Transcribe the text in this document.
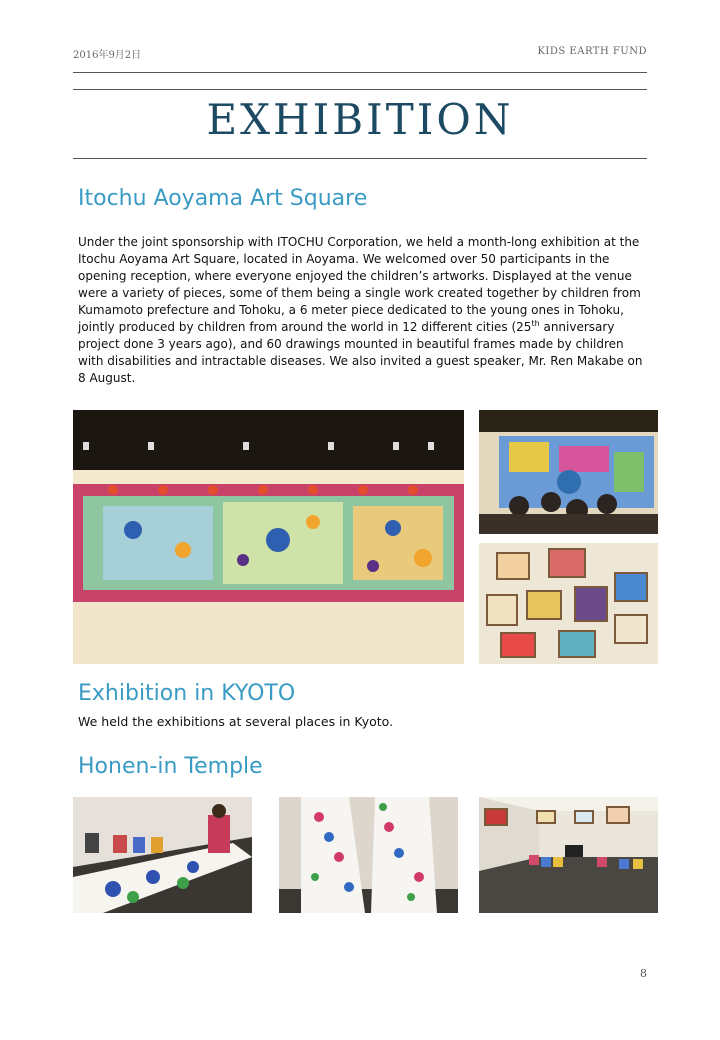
2016年9月2日	KIDS EARTH FUND
EXHIBITION
Itochu Aoyama Art Square

Under the joint sponsorship with ITOCHU Corporation, we held a month-long exhibition at the Itochu Aoyama Art Square, located in Aoyama. We welcomed over 50 participants in the opening reception, where everyone enjoyed the children’s artworks. Displayed at the venue were a variety of pieces, some of them being a single work created together by children from Kumamoto prefecture and Tohoku, a 6 meter piece dedicated to the young ones in Tohoku, jointly produced by children from around the world in 12 different cities (25th anniversary project done 3 years ago), and 60 drawings mounted in beautiful frames made by children with disabilities and intractable diseases. We also invited a guest speaker, Mr. Ren Makabe on 8 August.

Exhibition in KYOTO

We held the exhibitions at several places in Kyoto.

Honen-in Temple
8
